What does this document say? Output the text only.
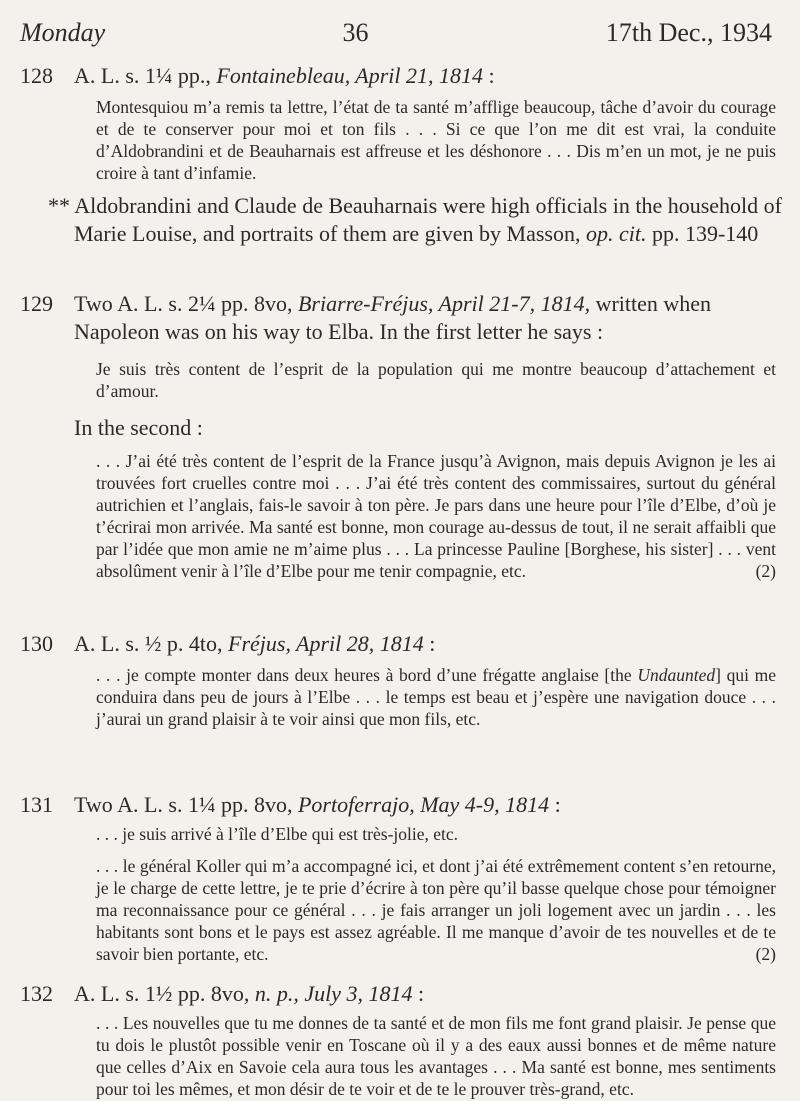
Monday	36	17th Dec., 1934
128 A. L. s. 1¼ pp., Fontainebleau, April 21, 1814 :
Montesquiou m’a remis ta lettre, l’état de ta santé m’afflige beaucoup, tâche d’avoir du courage et de te conserver pour moi et ton fils . . . Si ce que l’on me dit est vrai, la conduite d’Aldobrandini et de Beauharnais est affreuse et les déshonore . . . Dis m’en un mot, je ne puis croire à tant d’infamie.
** Aldobrandini and Claude de Beauharnais were high officials in the household of Marie Louise, and portraits of them are given by Masson, op. cit. pp. 139-140
129 Two A. L. s. 2¼ pp. 8vo, Briarre-Fréjus, April 21-7, 1814, written when
Napoleon was on his way to Elba. In the first letter he says :
Je suis très content de l’esprit de la population qui me montre beaucoup d’attachement et d’amour.
In the second :
. . . J’ai été très content de l’esprit de la France jusqu’à Avignon, mais depuis Avignon je les ai trouvées fort cruelles contre moi . . . J’ai été très content des commissaires, surtout du général autrichien et l’anglais, fais-le savoir à ton père. Je pars dans une heure pour l’île d’Elbe, d’où je t’écrirai mon arrivée. Ma santé est bonne, mon courage au-dessus de tout, il ne serait affaibli que par l’idée que mon amie ne m’aime plus . . . La princesse Pauline [Borghese, his sister] . . . vent absolûment venir à l’île d’Elbe pour me tenir compagnie, etc.	(2)
130 A. L. s. ½ p. 4to, Fréjus, April 28, 1814 :
. . . je compte monter dans deux heures à bord d’une frégatte anglaise [the Undaunted] qui me conduira dans peu de jours à l’Elbe . . . le temps est beau et j’espère une navigation douce . . . j’aurai un grand plaisir à te voir ainsi que mon fils, etc.
131 Two A. L. s. 1¼ pp. 8vo, Portoferrajo, May 4-9, 1814 :
. . . je suis arrivé à l’île d’Elbe qui est très-jolie, etc.
. . . le général Koller qui m’a accompagné ici, et dont j’ai été extrêmement content s’en retourne, je le charge de cette lettre, je te prie d’écrire à ton père qu’il basse quelque chose pour témoigner ma reconnaissance pour ce général . . . je fais arranger un joli logement avec un jardin . . . les habitants sont bons et le pays est assez agréable. Il me manque d’avoir de tes nouvelles et de te savoir bien portante, etc.	(2)
132 A. L. s. 1½ pp. 8vo, n. p., July 3, 1814 :
. . . Les nouvelles que tu me donnes de ta santé et de mon fils me font grand plaisir. Je pense que tu dois le plustôt possible venir en Toscane où il y a des eaux aussi bonnes et de même nature que celles d’Aix en Savoie cela aura tous les avantages . . . Ma santé est bonne, mes sentiments pour toi les mêmes, et mon désir de te voir et de te le prouver très-grand, etc.
